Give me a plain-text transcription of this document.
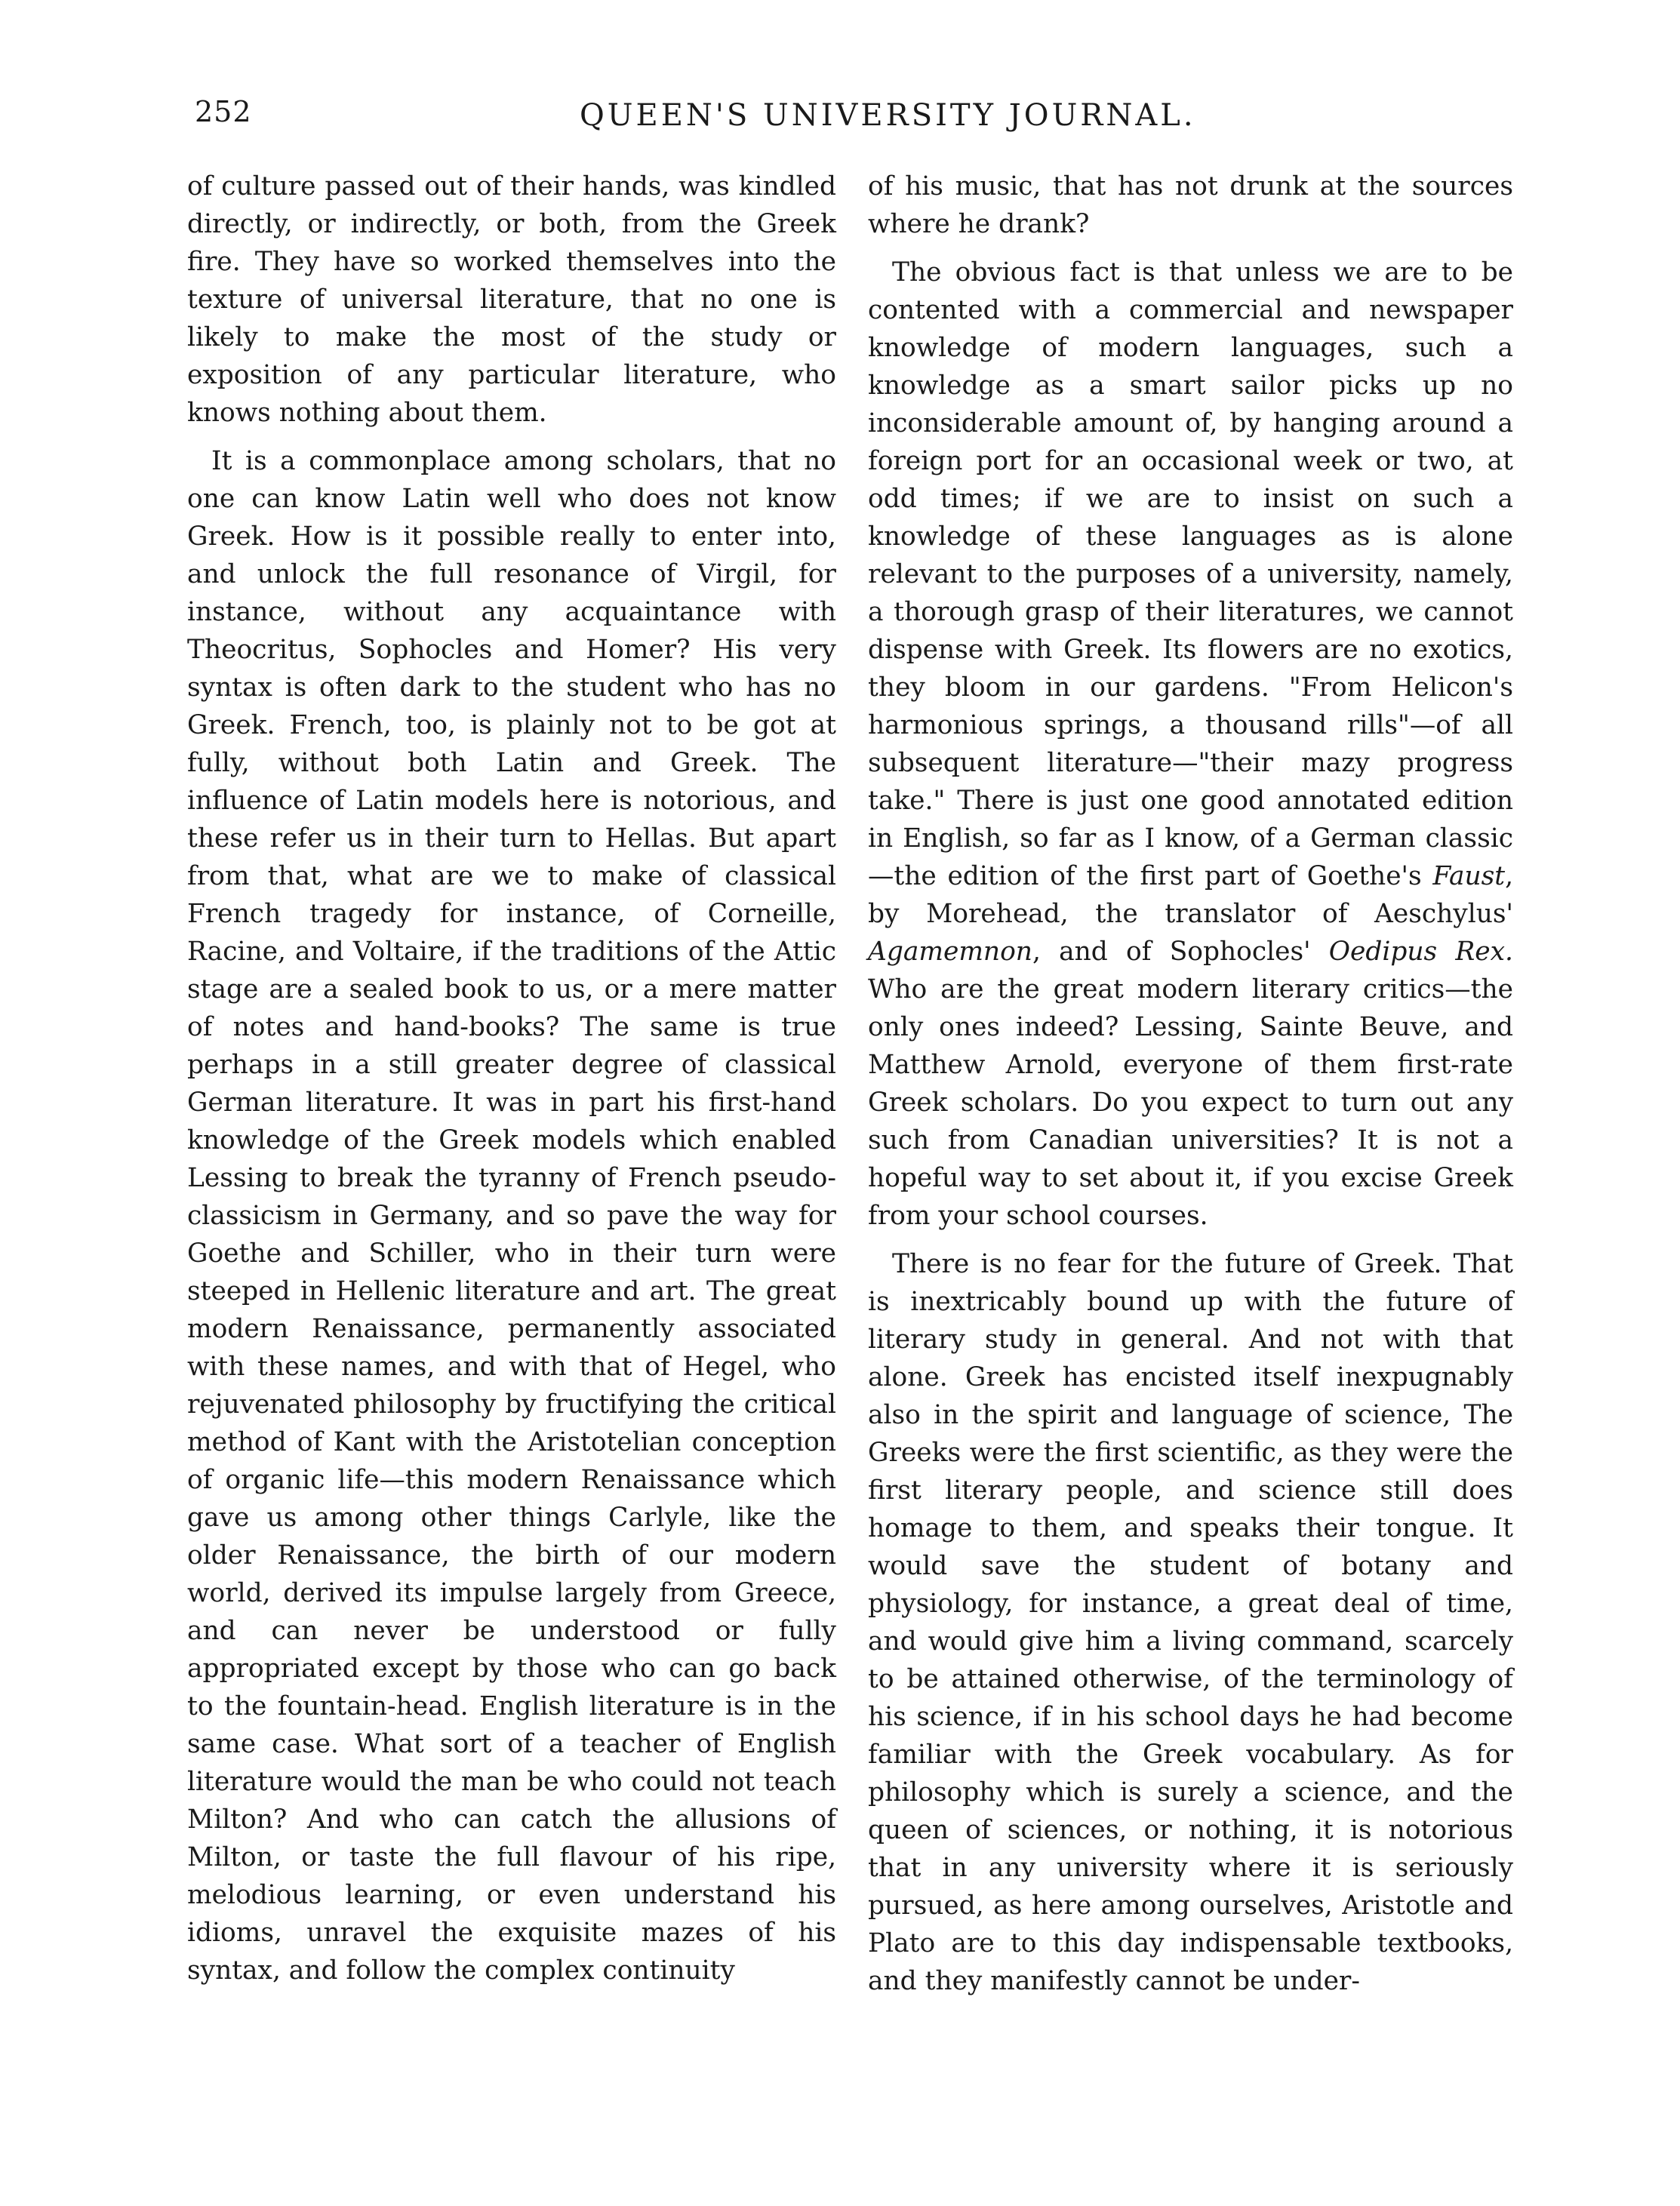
252	QUEEN'S UNIVERSITY JOURNAL.

of culture passed out of their hands, was kindled directly, or indirectly, or both, from the Greek fire. They have so worked themselves into the texture of universal literature, that no one is likely to make the most of the study or exposition of any particular literature, who knows nothing about them.

It is a commonplace among scholars, that no one can know Latin well who does not know Greek. How is it possible really to enter into, and unlock the full resonance of Virgil, for instance, without any acquaintance with Theocritus, Sophocles and Homer? His very syntax is often dark to the student who has no Greek. French, too, is plainly not to be got at fully, without both Latin and Greek. The influence of Latin models here is notorious, and these refer us in their turn to Hellas. But apart from that, what are we to make of classical French tragedy for instance, of Corneille, Racine, and Voltaire, if the traditions of the Attic stage are a sealed book to us, or a mere matter of notes and hand-books? The same is true perhaps in a still greater degree of classical German literature. It was in part his first-hand knowledge of the Greek models which enabled Lessing to break the tyranny of French pseudo-classicism in Germany, and so pave the way for Goethe and Schiller, who in their turn were steeped in Hellenic literature and art. The great modern Renaissance, permanently associated with these names, and with that of Hegel, who rejuvenated philosophy by fructifying the critical method of Kant with the Aristotelian conception of organic life—this modern Renaissance which gave us among other things Carlyle, like the older Renaissance, the birth of our modern world, derived its impulse largely from Greece, and can never be understood or fully appropriated except by those who can go back to the fountain-head. English literature is in the same case. What sort of a teacher of English literature would the man be who could not teach Milton? And who can catch the allusions of Milton, or taste the full flavour of his ripe, melodious learning, or even understand his idioms, unravel the exquisite mazes of his syntax, and follow the complex continuity

of his music, that has not drunk at the sources where he drank?

The obvious fact is that unless we are to be contented with a commercial and newspaper knowledge of modern languages, such a knowledge as a smart sailor picks up no inconsiderable amount of, by hanging around a foreign port for an occasional week or two, at odd times; if we are to insist on such a knowledge of these languages as is alone relevant to the purposes of a university, namely, a thorough grasp of their literatures, we cannot dispense with Greek. Its flowers are no exotics, they bloom in our gardens. "From Helicon's harmonious springs, a thousand rills"—of all subsequent literature—"their mazy progress take." There is just one good annotated edition in English, so far as I know, of a German classic—the edition of the first part of Goethe's Faust, by Morehead, the translator of Aeschylus' Agamemnon, and of Sophocles' Oedipus Rex. Who are the great modern literary critics—the only ones indeed? Lessing, Sainte Beuve, and Matthew Arnold, everyone of them first-rate Greek scholars. Do you expect to turn out any such from Canadian universities? It is not a hopeful way to set about it, if you excise Greek from your school courses.

There is no fear for the future of Greek. That is inextricably bound up with the future of literary study in general. And not with that alone. Greek has encisted itself inexpugnably also in the spirit and language of science, The Greeks were the first scientific, as they were the first literary people, and science still does homage to them, and speaks their tongue. It would save the student of botany and physiology, for instance, a great deal of time, and would give him a living command, scarcely to be attained otherwise, of the terminology of his science, if in his school days he had become familiar with the Greek vocabulary. As for philosophy which is surely a science, and the queen of sciences, or nothing, it is notorious that in any university where it is seriously pursued, as here among ourselves, Aristotle and Plato are to this day indispensable textbooks, and they manifestly cannot be under-
